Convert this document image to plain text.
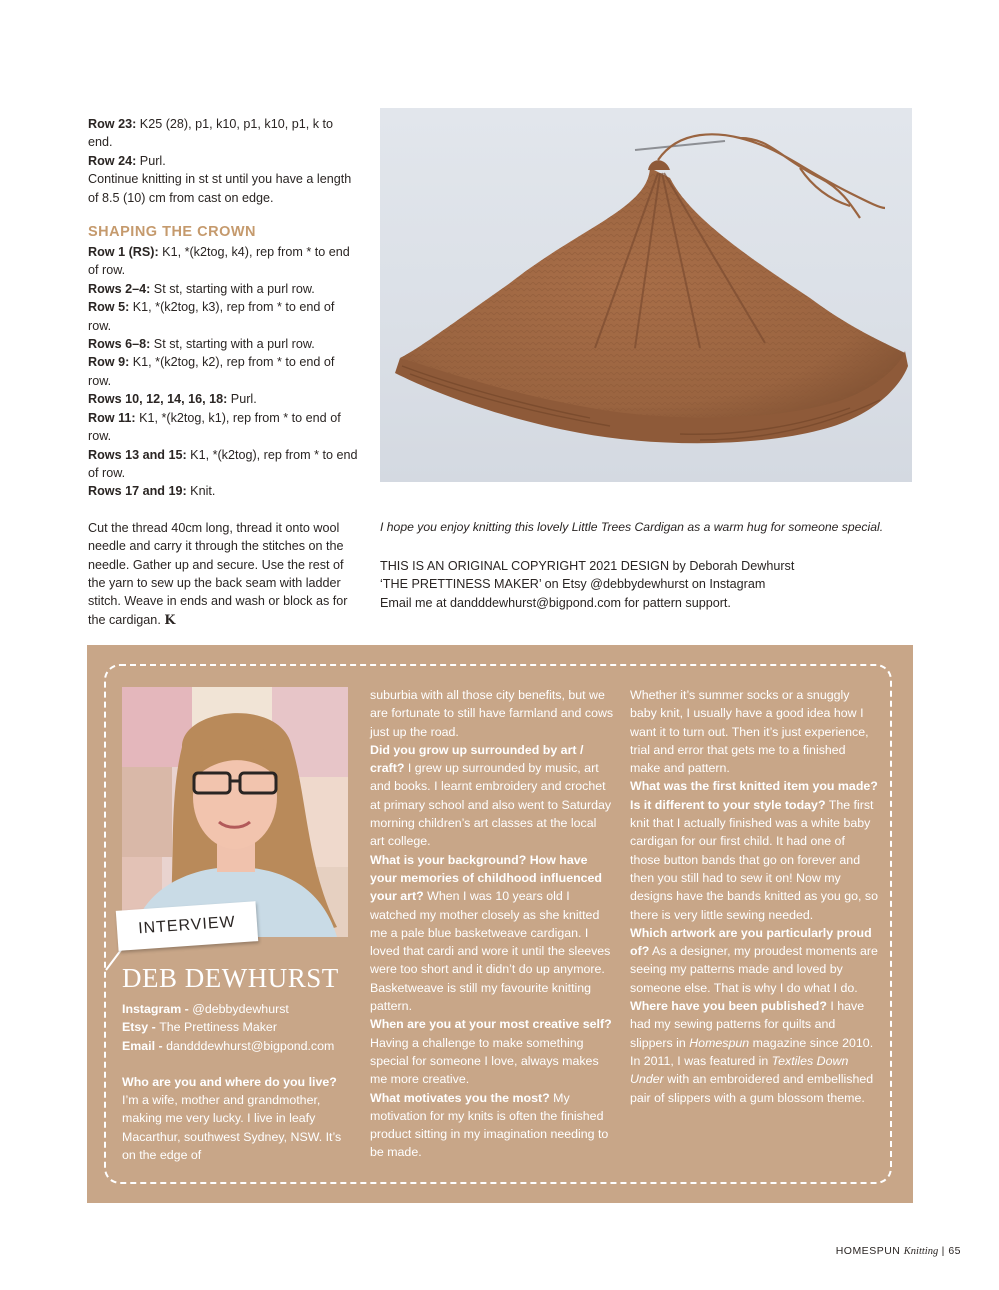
Row 23: K25 (28), p1, k10, p1, k10, p1, k to end.

Row 24: Purl.

Continue knitting in st st until you have a length of 8.5 (10) cm from cast on edge.

SHAPING THE CROWN

Row 1 (RS): K1, *(k2tog, k4), rep from * to end of row.

Rows 2–4: St st, starting with a purl row.

Row 5: K1, *(k2tog, k3), rep from * to end of row.

Rows 6–8: St st, starting with a purl row.

Row 9: K1, *(k2tog, k2), rep from * to end of row.

Rows 10, 12, 14, 16, 18: Purl.

Row 11: K1, *(k2tog, k1), rep from * to end of row.

Rows 13 and 15: K1, *(k2tog), rep from * to end of row.

Rows 17 and 19: Knit.

Cut the thread 40cm long, thread it onto wool needle and carry it through the stitches on the needle. Gather up and secure. Use the rest of the yarn to sew up the back seam with ladder stitch. Weave in ends and wash or block as for the cardigan. K

I hope you enjoy knitting this lovely Little Trees Cardigan as a warm hug for someone special.

THIS IS AN ORIGINAL COPYRIGHT 2021 DESIGN by Deborah Dewhurst

‘THE PRETTINESS MAKER’ on Etsy @debbydewhurst on Instagram

Email me at dandddewhurst@bigpond.com for pattern support.

INTERVIEW
DEB DEWHURST

Instagram - @debbydewhurst

Etsy - The Prettiness Maker

Email - dandddewhurst@bigpond.com

Who are you and where do you live? I’m a wife, mother and grandmother, making me very lucky. I live in leafy Macarthur, southwest Sydney, NSW. It’s on the edge of

suburbia with all those city benefits, but we are fortunate to still have farmland and cows just up the road.

Did you grow up surrounded by art / craft? I grew up surrounded by music, art and books. I learnt embroidery and crochet at primary school and also went to Saturday morning children’s art classes at the local art college.

What is your background? How have your memories of childhood influenced your art? When I was 10 years old I watched my mother closely as she knitted me a pale blue basketweave cardigan. I loved that cardi and wore it until the sleeves were too short and it didn’t do up anymore. Basketweave is still my favourite knitting pattern.

When are you at your most creative self? Having a challenge to make something special for someone I love, always makes me more creative.

What motivates you the most? My motivation for my knits is often the finished product sitting in my imagination needing to be made.

Whether it’s summer socks or a snuggly baby knit, I usually have a good idea how I want it to turn out. Then it’s just experience, trial and error that gets me to a finished make and pattern.

What was the first knitted item you made? Is it different to your style today? The first knit that I actually finished was a white baby cardigan for our first child. It had one of those button bands that go on forever and then you still had to sew it on! Now my designs have the bands knitted as you go, so there is very little sewing needed.

Which artwork are you particularly proud of? As a designer, my proudest moments are seeing my patterns made and loved by someone else. That is why I do what I do.

Where have you been published? I have had my sewing patterns for quilts and slippers in Homespun magazine since 2010. In 2011, I was featured in Textiles Down Under with an embroidered and embellished pair of slippers with a gum blossom theme.

HOMESPUN Knitting | 65
